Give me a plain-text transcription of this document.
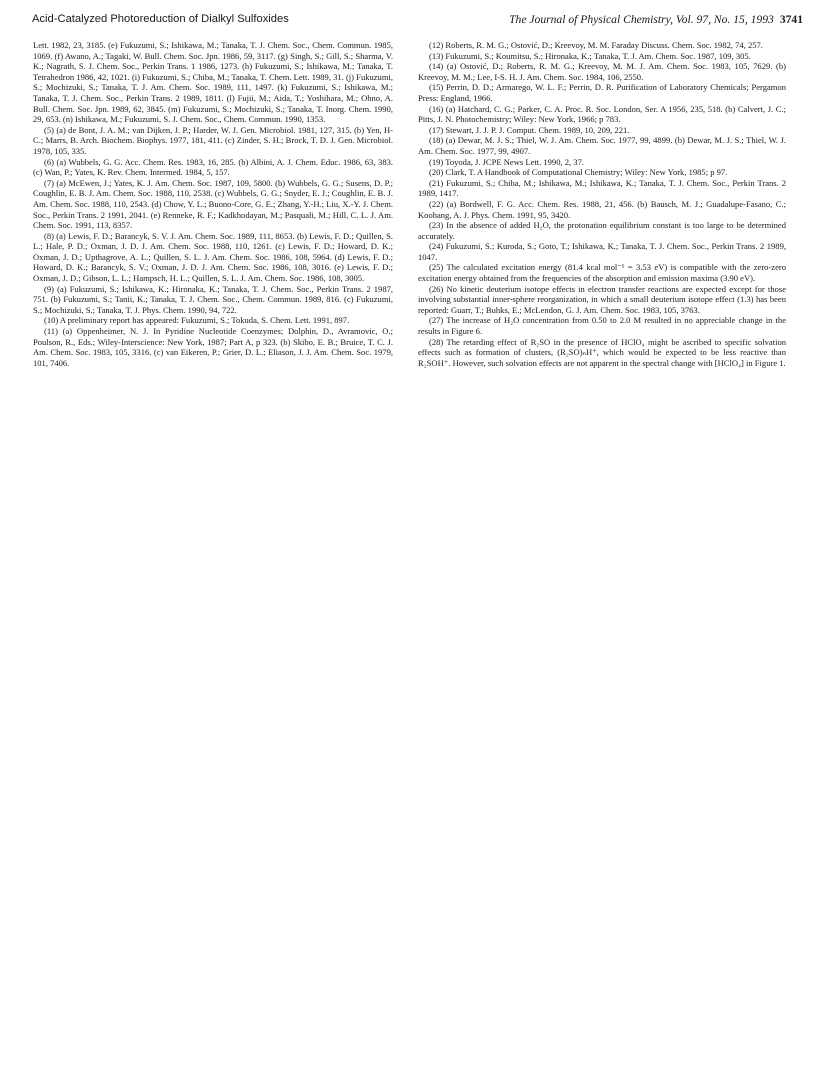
Acid-Catalyzed Photoreduction of Dialkyl Sulfoxides	The Journal of Physical Chemistry, Vol. 97, No. 15, 1993 3741

Lett. 1982, 23, 3185. (e) Fukuzumi, S.; Ishikawa, M.; Tanaka, T. J. Chem. Soc., Chem. Commun. 1985, 1069. (f) Awano, A.; Tagaki, W. Bull. Chem. Soc. Jpn. 1986, 59, 3117. (g) Singh, S.; Gill, S.; Sharma, V. K.; Nagrath, S. J. Chem. Soc., Perkin Trans. 1 1986, 1273. (h) Fukuzumi, S.; Ishikawa, M.; Tanaka, T. Tetrahedron 1986, 42, 1021. (i) Fukuzumi, S.; Chiba, M.; Tanaka, T. Chem. Lett. 1989, 31. (j) Fukuzumi, S.; Mochizuki, S.; Tanaka, T. J. Am. Chem. Soc. 1989, 111, 1497. (k) Fukuzumi, S.; Ishikawa, M.; Tanaka, T. J. Chem. Soc., Perkin Trans. 2 1989, 1811. (l) Fujii, M.; Aida, T.; Yoshihara, M.; Ohno, A. Bull. Chem. Soc. Jpn. 1989, 62, 3845. (m) Fukuzumi, S.; Mochizuki, S.; Tanaka, T. Inorg. Chem. 1990, 29, 653. (n) Ishikawa, M.; Fukuzumi, S. J. Chem. Soc., Chem. Commun. 1990, 1353.

(5) (a) de Bont, J. A. M.; van Dijken, J. P.; Harder, W. J. Gen. Microbiol. 1981, 127, 315. (b) Yen, H-C.; Marrs, B. Arch. Biochem. Biophys. 1977, 181, 411. (c) Zinder, S. H.; Brock, T. D. J. Gen. Microbiol. 1978, 105, 335.

(6) (a) Wubbels, G. G. Acc. Chem. Res. 1983, 16, 285. (b) Albini, A. J. Chem. Educ. 1986, 63, 383. (c) Wan, P.; Yates, K. Rev. Chem. Intermed. 1984, 5, 157.

(7) (a) McEwen, J.; Yates, K. J. Am. Chem. Soc. 1987, 109, 5800. (b) Wubbels, G. G.; Susens, D. P.; Coughlin, E. B. J. Am. Chem. Soc. 1988, 110, 2538. (c) Wubbels, G. G.; Snyder, E. J.; Coughlin, E. B. J. Am. Chem. Soc. 1988, 110, 2543. (d) Chow, Y. L.; Buono-Core, G. E.; Zhang, Y.-H.; Liu, X.-Y. J. Chem. Soc., Perkin Trans. 2 1991, 2041. (e) Renneke, R. F.; Kadkhodayan, M.; Pasquali, M.; Hill, C. L. J. Am. Chem. Soc. 1991, 113, 8357.

(8) (a) Lewis, F. D.; Barancyk, S. V. J. Am. Chem. Soc. 1989, 111, 8653. (b) Lewis, F. D.; Quillen, S. L.; Hale, P. D.; Oxman, J. D. J. Am. Chem. Soc. 1988, 110, 1261. (c) Lewis, F. D.; Howard, D. K.; Oxman, J. D.; Upthagrove, A. L.; Quillen, S. L. J. Am. Chem. Soc. 1986, 108, 5964. (d) Lewis, F. D.; Howard, D. K.; Barancyk, S. V.; Oxman, J. D. J. Am. Chem. Soc. 1986, 108, 3016. (e) Lewis, F. D.; Oxman, J. D.; Gibson, L. L.; Hampsch, H. L.; Quillen, S. L. J. Am. Chem. Soc. 1986, 108, 3005.

(9) (a) Fukuzumi, S.; Ishikawa, K.; Hironaka, K.; Tanaka, T. J. Chem. Soc., Perkin Trans. 2 1987, 751. (b) Fukuzumi, S.; Tanii, K.; Tanaka, T. J. Chem. Soc., Chem. Commun. 1989, 816. (c) Fukuzumi, S.; Mochizuki, S.; Tanaka, T. J. Phys. Chem. 1990, 94, 722.

(10) A preliminary report has appeared: Fukuzumi, S.; Tokuda, S. Chem. Lett. 1991, 897.

(11) (a) Oppenheimer, N. J. In Pyridine Nucleotide Coenzymes; Dolphin, D., Avramovic, O.; Poulson, R., Eds.; Wiley-Interscience: New York, 1987; Part A, p 323. (b) Skibo, E. B.; Bruice, T. C. J. Am. Chem. Soc. 1983, 105, 3316. (c) van Eikeren, P.; Grier, D. L.; Eliason, J. J. Am. Chem. Soc. 1979, 101, 7406.

(12) Roberts, R. M. G.; Ostović, D.; Kreevoy, M. M. Faraday Discuss. Chem. Soc. 1982, 74, 257.

(13) Fukuzumi, S.; Koumitsu, S.; Hironaka, K.; Tanaka, T. J. Am. Chem. Soc. 1987, 109, 305.

(14) (a) Ostović, D.; Roberts, R. M. G.; Kreevoy, M. M. J. Am. Chem. Soc. 1983, 105, 7629. (b) Kreevoy, M. M.; Lee, I-S. H. J. Am. Chem. Soc. 1984, 106, 2550.

(15) Perrin, D. D.; Armarego, W. L. F.; Perrin, D. R. Purification of Laboratory Chemicals; Pergamon Press: England, 1966.

(16) (a) Hatchard, C. G.; Parker, C. A. Proc. R. Soc. London, Ser. A 1956, 235, 518. (b) Calvert, J. C.; Pitts, J. N. Photochemistry; Wiley: New York, 1966; p 783.

(17) Stewart, J. J. P. J. Comput. Chem. 1989, 10, 209, 221.

(18) (a) Dewar, M. J. S.; Thiel, W. J. Am. Chem. Soc. 1977, 99, 4899. (b) Dewar, M. J. S.; Thiel, W. J. Am. Chem. Soc. 1977, 99, 4907.

(19) Toyoda, J. JCPE News Lett. 1990, 2, 37.

(20) Clark, T. A Handbook of Computational Chemistry; Wiley: New York, 1985; p 97.

(21) Fukuzumi, S.; Chiba, M.; Ishikawa, M.; Ishikawa, K.; Tanaka, T. J. Chem. Soc., Perkin Trans. 2 1989, 1417.

(22) (a) Bordwell, F. G. Acc. Chem. Res. 1988, 21, 456. (b) Bausch, M. J.; Guadalupe-Fasano, C.; Koohang, A. J. Phys. Chem. 1991, 95, 3420.

(23) In the absence of added H₂O, the protonation equilibrium constant is too large to be determined accurately.

(24) Fukuzumi, S.; Kuroda, S.; Goto, T.; Ishikawa, K.; Tanaka, T. J. Chem. Soc., Perkin Trans. 2 1989, 1047.

(25) The calculated excitation energy (81.4 kcal mol⁻¹ = 3.53 eV) is compatible with the zero-zero excitation energy obtained from the frequencies of the absorption and emission maxima (3.90 eV).

(26) No kinetic deuterium isotope effects in electron transfer reactions are expected except for those involving substantial inner-sphere reorganization, in which a small deuterium isotope effect (1.3) has been reported: Guarr, T.; Buhks, E.; McLendon, G. J. Am. Chem. Soc. 1983, 105, 3763.

(27) The increase of H₂O concentration from 0.50 to 2.0 M resulted in no appreciable change in the results in Figure 6.

(28) The retarding effect of R₂SO in the presence of HClO₄ might be ascribed to specific solvation effects such as formation of clusters, (R₂SO)ₙH⁺, which would be expected to be less reactive than R₂SOH⁺. However, such solvation effects are not apparent in the spectral change with [HClO₄] in Figure 1.
